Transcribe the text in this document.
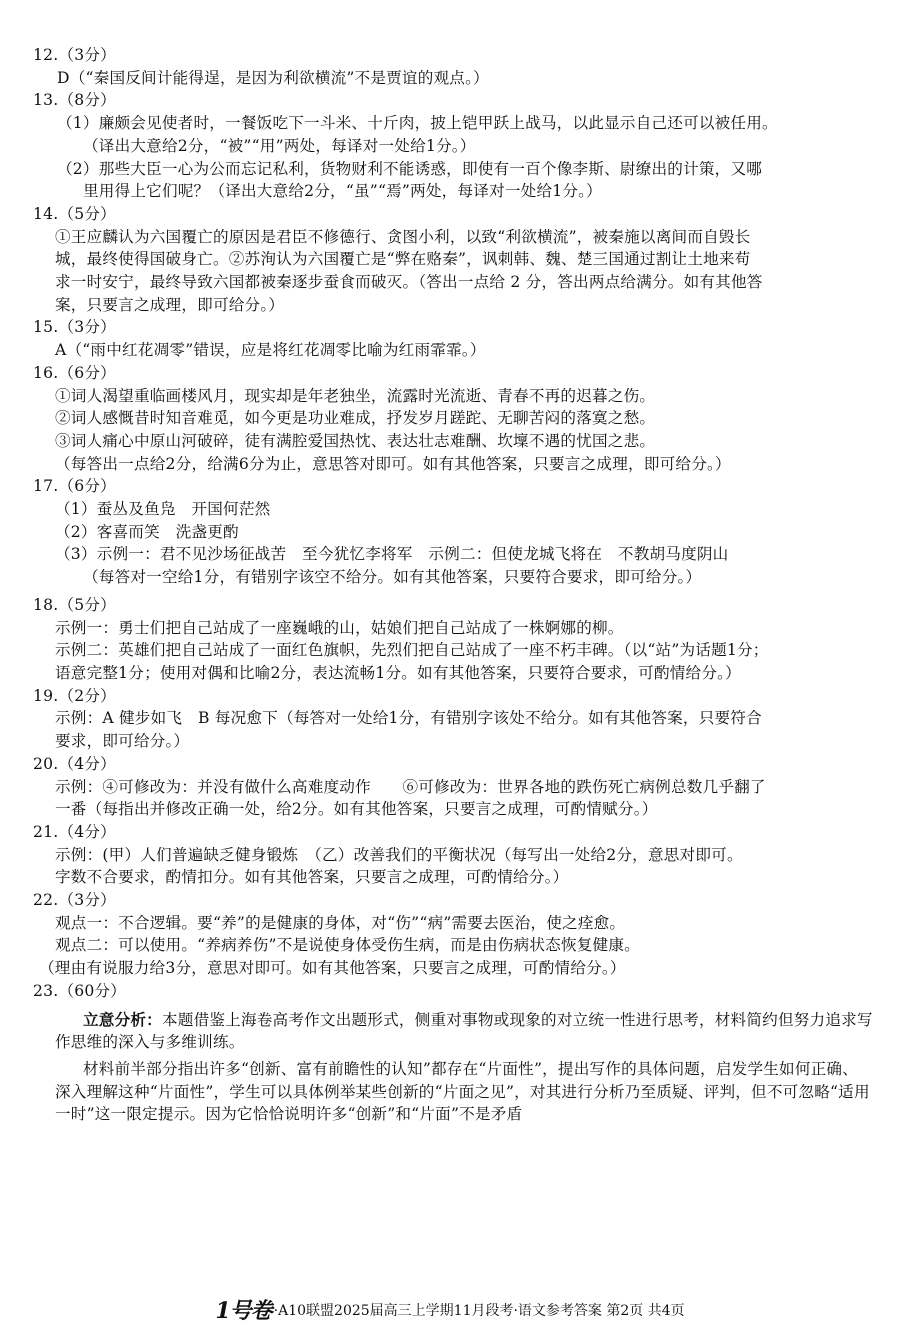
12.（3分）

D（“秦国反间计能得逞，是因为利欲横流”不是贾谊的观点。）

13.（8分）

（1）廉颇会见使者时，一餐饭吃下一斗米、十斤肉，披上铠甲跃上战马，以此显示自己还可以被任用。

（译出大意给2分，“被”“用”两处，每译对一处给1分。）

（2）那些大臣一心为公而忘记私利，货物财利不能诱惑，即使有一百个像李斯、尉缭出的计策，又哪

里用得上它们呢？（译出大意给2分，“虽”“焉”两处，每译对一处给1分。）

14.（5分）

①王应麟认为六国覆亡的原因是君臣不修德行、贪图小利，以致“利欲横流”，被秦施以离间而自毁长

城，最终使得国破身亡。②苏洵认为六国覆亡是“弊在赂秦”，讽刺韩、魏、楚三国通过割让土地来苟

求一时安宁，最终导致六国都被秦逐步蚕食而破灭。（答出一点给 2 分，答出两点给满分。如有其他答

案，只要言之成理，即可给分。）

15.（3分）

A（“雨中红花凋零”错误，应是将红花凋零比喻为红雨霏霏。）

16.（6分）

①词人渴望重临画楼风月，现实却是年老独坐，流露时光流逝、青春不再的迟暮之伤。

②词人感慨昔时知音难觅，如今更是功业难成，抒发岁月蹉跎、无聊苦闷的落寞之愁。

③词人痛心中原山河破碎，徒有满腔爱国热忱、表达壮志难酬、坎壈不遇的忧国之悲。

（每答出一点给2分，给满6分为止，意思答对即可。如有其他答案，只要言之成理，即可给分。）

17.（6分）

（1）蚕丛及鱼凫　开国何茫然

（2）客喜而笑　洗盏更酌

（3）示例一：君不见沙场征战苦　至今犹忆李将军　示例二：但使龙城飞将在　不教胡马度阴山

（每答对一空给1分，有错别字该空不给分。如有其他答案，只要符合要求，即可给分。）

18.（5分）

示例一：勇士们把自己站成了一座巍峨的山，姑娘们把自己站成了一株婀娜的柳。

示例二：英雄们把自己站成了一面红色旗帜，先烈们把自己站成了一座不朽丰碑。（以“站”为话题1分；

语意完整1分；使用对偶和比喻2分，表达流畅1分。如有其他答案，只要符合要求，可酌情给分。）

19.（2分）

示例：A 健步如飞　B 每况愈下（每答对一处给1分，有错别字该处不给分。如有其他答案，只要符合

要求，即可给分。）

20.（4分）

示例：④可修改为：并没有做什么高难度动作　　⑥可修改为：世界各地的跌伤死亡病例总数几乎翻了

一番（每指出并修改正确一处，给2分。如有其他答案，只要言之成理，可酌情赋分。）

21.（4分）

示例：(甲）人们普遍缺乏健身锻炼　（乙）改善我们的平衡状况（每写出一处给2分，意思对即可。

字数不合要求，酌情扣分。如有其他答案，只要言之成理，可酌情给分。）

22.（3分）

观点一：不合逻辑。要“养”的是健康的身体，对“伤”“病”需要去医治，使之痊愈。

观点二：可以使用。“养病养伤”不是说使身体受伤生病，而是由伤病状态恢复健康。

（理由有说服力给3分，意思对即可。如有其他答案，只要言之成理，可酌情给分。）

23.（60分）

立意分析：本题借鉴上海卷高考作文出题形式，侧重对事物或现象的对立统一性进行思考，材料简约但努力追求写作思维的深入与多维训练。

材料前半部分指出许多“创新、富有前瞻性的认知”都存在“片面性”，提出写作的具体问题，启发学生如何正确、深入理解这种“片面性”，学生可以具体例举某些创新的“片面之见”，对其进行分析乃至质疑、评判，但不可忽略“适用一时”这一限定提示。因为它恰恰说明许多“创新”和“片面”不是矛盾

1号卷 ·A10联盟2025届高三上学期11月段考·语文参考答案 第2页 共4页
